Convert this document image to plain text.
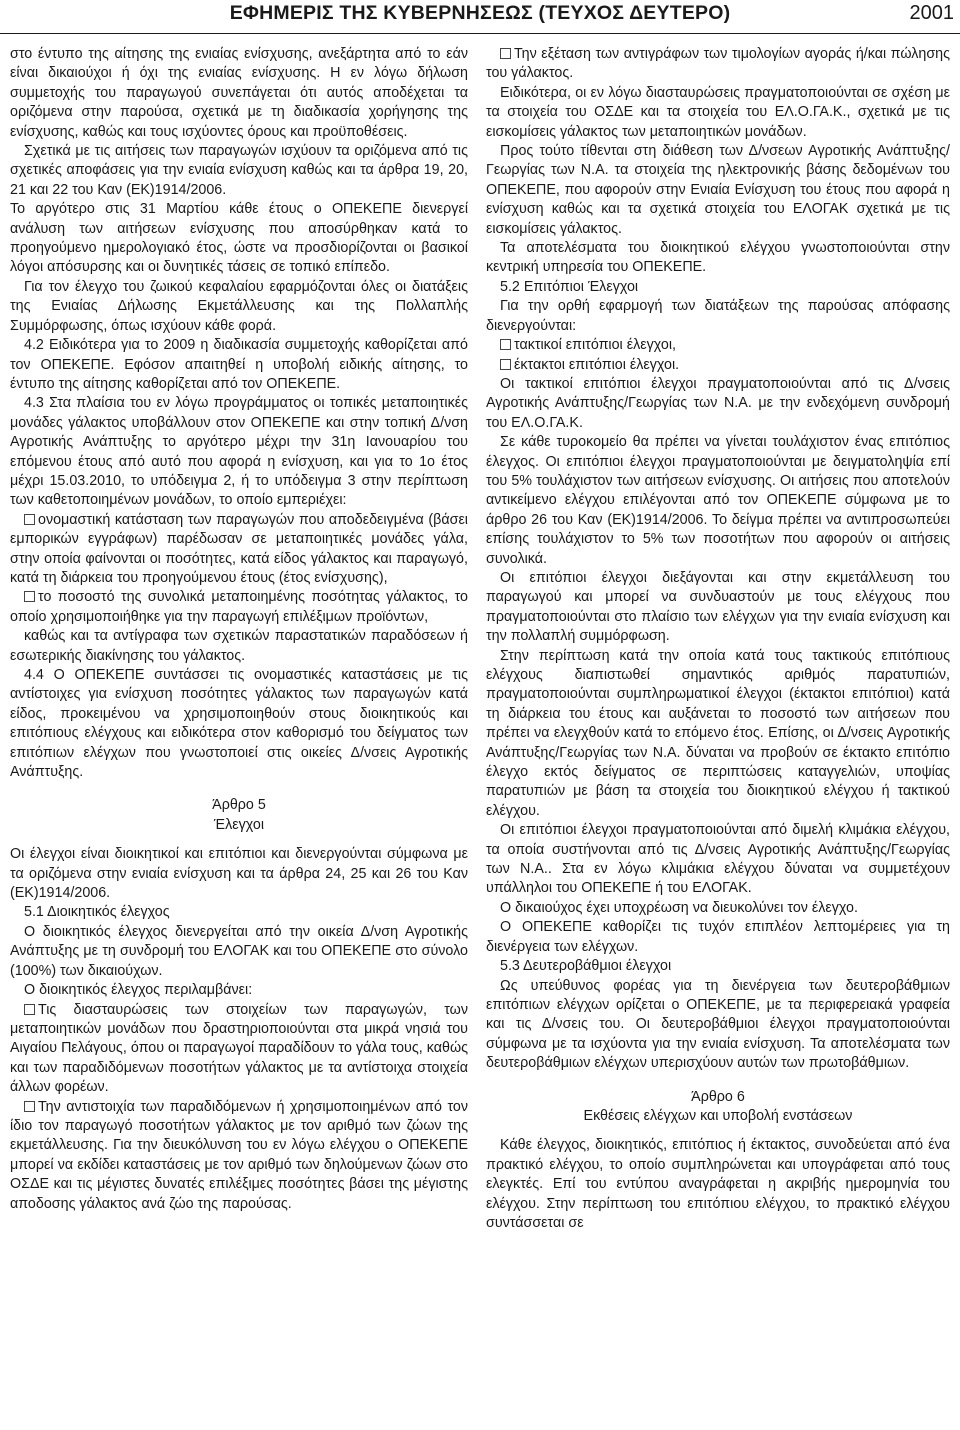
ΕΦΗΜΕΡΙΣ ΤΗΣ ΚΥΒΕΡΝΗΣΕΩΣ (ΤΕΥΧΟΣ ΔΕΥΤΕΡΟ)	2001

στο έντυπο της αίτησης της ενιαίας ενίσχυσης, ανεξάρτητα από το εάν είναι δικαιούχοι ή όχι της ενιαίας ενίσχυσης. Η εν λόγω δήλωση συμμετοχής του παραγωγού συνεπάγεται ότι αυτός αποδέχεται τα οριζόμενα στην παρούσα, σχετικά με τη διαδικασία χορήγησης της ενίσχυσης, καθώς και τους ισχύοντες όρους και προϋποθέσεις.

Σχετικά με τις αιτήσεις των παραγωγών ισχύουν τα οριζόμενα από τις σχετικές αποφάσεις για την ενιαία ενίσχυση καθώς και τα άρθρα 19, 20, 21 και 22 του Καν (ΕΚ)1914/2006.

Το αργότερο στις 31 Μαρτίου κάθε έτους ο ΟΠΕΚΕΠΕ διενεργεί ανάλυση των αιτήσεων ενίσχυσης που αποσύρθηκαν κατά το προηγούμενο ημερολογιακό έτος, ώστε να προσδιορίζονται οι βασικοί λόγοι απόσυρσης και οι δυνητικές τάσεις σε τοπικό επίπεδο.

Για τον έλεγχο του ζωικού κεφαλαίου εφαρμόζονται όλες οι διατάξεις της Ενιαίας Δήλωσης Εκμετάλλευσης και της Πολλαπλής Συμμόρφωσης, όπως ισχύουν κάθε φορά.

4.2 Ειδικότερα για το 2009 η διαδικασία συμμετοχής καθορίζεται από τον ΟΠΕΚΕΠΕ. Εφόσον απαιτηθεί η υποβολή ειδικής αίτησης, το έντυπο της αίτησης καθορίζεται από τον ΟΠΕΚΕΠΕ.

4.3 Στα πλαίσια του εν λόγω προγράμματος οι τοπικές μεταποιητικές μονάδες γάλακτος υποβάλλουν στον ΟΠΕΚΕΠΕ και στην τοπική Δ/νση Αγροτικής Ανάπτυξης το αργότερο μέχρι την 31η Ιανουαρίου του επόμενου έτους από αυτό που αφορά η ενίσχυση, και για το 1ο έτος μέχρι 15.03.2010, το υπόδειγμα 2, ή το υπόδειγμα 3 στην περίπτωση των καθετοποιημένων μονάδων, το οποίο εμπεριέχει:

ονομαστική κατάσταση των παραγωγών που αποδεδειγμένα (βάσει εμπορικών εγγράφων) παρέδωσαν σε μεταποιητικές μονάδες γάλα, στην οποία φαίνονται οι ποσότητες, κατά είδος γάλακτος και παραγωγό, κατά τη διάρκεια του προηγούμενου έτους (έτος ενίσχυσης),

το ποσοστό της συνολικά μεταποιημένης ποσότητας γάλακτος, το οποίο χρησιμοποιήθηκε για την παραγωγή επιλέξιμων προϊόντων,

καθώς και τα αντίγραφα των σχετικών παραστατικών παραδόσεων ή εσωτερικής διακίνησης του γάλακτος.

4.4 Ο ΟΠΕΚΕΠΕ συντάσσει τις ονομαστικές καταστάσεις με τις αντίστοιχες για ενίσχυση ποσότητες γάλακτος των παραγωγών κατά είδος, προκειμένου να χρησιμοποιηθούν στους διοικητικούς και επιτόπιους ελέγχους και ειδικότερα στον καθορισμό του δείγματος των επιτόπιων ελέγχων που γνωστοποιεί στις οικείες Δ/νσεις Αγροτικής Ανάπτυξης.

Άρθρο 5

Έλεγχοι

Οι έλεγχοι είναι διοικητικοί και επιτόπιοι και διενεργούνται σύμφωνα με τα οριζόμενα στην ενιαία ενίσχυση και τα άρθρα 24, 25 και 26 του Καν (ΕΚ)1914/2006.

5.1 Διοικητικός έλεγχος

Ο διοικητικός έλεγχος διενεργείται από την οικεία Δ/νση Αγροτικής Ανάπτυξης με τη συνδρομή του ΕΛΟΓΑΚ και του ΟΠΕΚΕΠΕ στο σύνολο (100%) των δικαιούχων.

Ο διοικητικός έλεγχος περιλαμβάνει:

Τις διασταυρώσεις των στοιχείων των παραγωγών, των μεταποιητικών μονάδων που δραστηριοποιούνται στα μικρά νησιά του Αιγαίου Πελάγους, όπου οι παραγωγοί παραδίδουν το γάλα τους, καθώς και των παραδιδόμενων ποσοτήτων γάλακτος με τα αντίστοιχα στοιχεία άλλων φορέων.

Την αντιστοιχία των παραδιδόμενων ή χρησιμοποιημένων από τον ίδιο τον παραγωγό ποσοτήτων γάλακτος με τον αριθμό των ζώων της εκμετάλλευσης. Για την διευκόλυνση του εν λόγω ελέγχου ο ΟΠΕΚΕΠΕ μπορεί να εκδίδει καταστάσεις με τον αριθμό των δηλούμενων ζώων στο ΟΣΔΕ και τις μέγιστες δυνατές επιλέξιμες ποσότητες βάσει της μέγιστης αποδοσης γάλακτος ανά ζώο της παρούσας.

Την εξέταση των αντιγράφων των τιμολογίων αγοράς ή/και πώλησης του γάλακτος.

Ειδικότερα, οι εν λόγω διασταυρώσεις πραγματοποιούνται σε σχέση με τα στοιχεία του ΟΣΔΕ και τα στοιχεία του ΕΛ.Ο.ΓΑ.Κ., σχετικά με τις εισκομίσεις γάλακτος των μεταποιητικών μονάδων.

Προς τούτο τίθενται στη διάθεση των Δ/νσεων Αγροτικής Ανάπτυξης/Γεωργίας των Ν.Α. τα στοιχεία της ηλεκτρονικής βάσης δεδομένων του ΟΠΕΚΕΠΕ, που αφορούν στην Ενιαία Ενίσχυση του έτους που αφορά η ενίσχυση καθώς και τα σχετικά στοιχεία του ΕΛΟΓΑΚ σχετικά με τις εισκομίσεις γάλακτος.

Τα αποτελέσματα του διοικητικού ελέγχου γνωστοποιούνται στην κεντρική υπηρεσία του ΟΠΕΚΕΠΕ.

5.2 Επιτόπιοι Έλεγχοι

Για την ορθή εφαρμογή των διατάξεων της παρούσας απόφασης διενεργούνται:

τακτικοί επιτόπιοι έλεγχοι,

έκτακτοι επιτόπιοι έλεγχοι.

Οι τακτικοί επιτόπιοι έλεγχοι πραγματοποιούνται από τις Δ/νσεις Αγροτικής Ανάπτυξης/Γεωργίας των Ν.Α. με την ενδεχόμενη συνδρομή του ΕΛ.Ο.ΓΑ.Κ.

Σε κάθε τυροκομείο θα πρέπει να γίνεται τουλάχιστον ένας επιτόπιος έλεγχος. Οι επιτόπιοι έλεγχοι πραγματοποιούνται με δειγματοληψία επί του 5% τουλάχιστον των αιτήσεων ενίσχυσης. Οι αιτήσεις που αποτελούν αντικείμενο ελέγχου επιλέγονται από τον ΟΠΕΚΕΠΕ σύμφωνα με το άρθρο 26 του Καν (ΕΚ)1914/2006. Το δείγμα πρέπει να αντιπροσωπεύει επίσης τουλάχιστον το 5% των ποσοτήτων που αφορούν οι αιτήσεις συνολικά.

Οι επιτόπιοι έλεγχοι διεξάγονται και στην εκμετάλλευση του παραγωγού και μπορεί να συνδυαστούν με τους ελέγχους που πραγματοποιούνται στο πλαίσιο των ελέγχων για την ενιαία ενίσχυση και την πολλαπλή συμμόρφωση.

Στην περίπτωση κατά την οποία κατά τους τακτικούς επιτόπιους ελέγχους διαπιστωθεί σημαντικός αριθμός παρατυπιών, πραγματοποιούνται συμπληρωματικοί έλεγχοι (έκτακτοι επιτόπιοι) κατά τη διάρκεια του έτους και αυξάνεται το ποσοστό των αιτήσεων που πρέπει να ελεγχθούν κατά το επόμενο έτος. Επίσης, οι Δ/νσεις Αγροτικής Ανάπτυξης/Γεωργίας των Ν.Α. δύναται να προβούν σε έκτακτο επιτόπιο έλεγχο εκτός δείγματος σε περιπτώσεις καταγγελιών, υποψίας παρατυπιών με βάση τα στοιχεία του διοικητικού ελέγχου ή τακτικού ελέγχου.

Οι επιτόπιοι έλεγχοι πραγματοποιούνται από διμελή κλιμάκια ελέγχου, τα οποία συστήνονται από τις Δ/νσεις Αγροτικής Ανάπτυξης/Γεωργίας των Ν.Α.. Στα εν λόγω κλιμάκια ελέγχου δύναται να συμμετέχουν υπάλληλοι του ΟΠΕΚΕΠΕ ή του ΕΛΟΓΑΚ.

Ο δικαιούχος έχει υποχρέωση να διευκολύνει τον έλεγχο.

Ο ΟΠΕΚΕΠΕ καθορίζει τις τυχόν επιπλέον λεπτομέρειες για τη διενέργεια των ελέγχων.

5.3 Δευτεροβάθμιοι έλεγχοι

Ως υπεύθυνος φορέας για τη διενέργεια των δευτεροβάθμιων επιτόπιων ελέγχων ορίζεται ο ΟΠΕΚΕΠΕ, με τα περιφερειακά γραφεία και τις Δ/νσεις του. Οι δευτεροβάθμιοι έλεγχοι πραγματοποιούνται σύμφωνα με τα ισχύοντα για την ενιαία ενίσχυση. Τα αποτελέσματα των δευτεροβάθμιων ελέγχων υπερισχύουν αυτών των πρωτοβάθμιων.

Άρθρο 6

Εκθέσεις ελέγχων και υποβολή ενστάσεων

Κάθε έλεγχος, διοικητικός, επιτόπιος ή έκτακτος, συνοδεύεται από ένα πρακτικό ελέγχου, το οποίο συμπληρώνεται και υπογράφεται από τους ελεγκτές. Επί του εντύπου αναγράφεται η ακριβής ημερομηνία του ελέγχου. Στην περίπτωση του επιτόπιου ελέγχου, το πρακτικό ελέγχου συντάσσεται σε
